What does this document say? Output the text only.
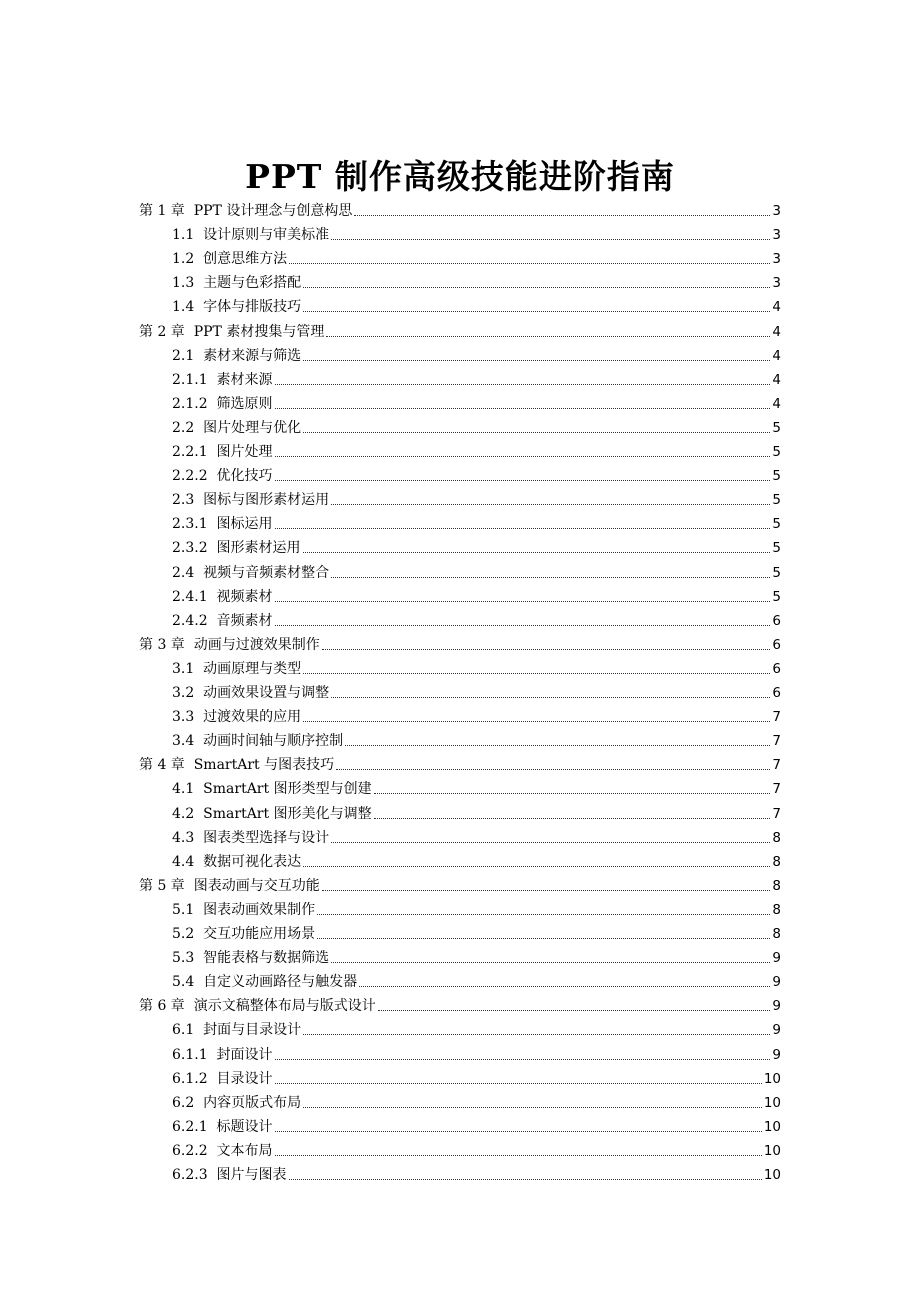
PPT 制作高级技能进阶指南
第 1 章  PPT 设计理念与创意构思	3
1.1  设计原则与审美标准	3
1.2  创意思维方法	3
1.3  主题与色彩搭配	3
1.4  字体与排版技巧	4
第 2 章  PPT 素材搜集与管理	4
2.1  素材来源与筛选	4
2.1.1  素材来源	4
2.1.2  筛选原则	4
2.2  图片处理与优化	5
2.2.1  图片处理	5
2.2.2  优化技巧	5
2.3  图标与图形素材运用	5
2.3.1  图标运用	5
2.3.2  图形素材运用	5
2.4  视频与音频素材整合	5
2.4.1  视频素材	5
2.4.2  音频素材	6
第 3 章  动画与过渡效果制作	6
3.1  动画原理与类型	6
3.2  动画效果设置与调整	6
3.3  过渡效果的应用	7
3.4  动画时间轴与顺序控制	7
第 4 章  SmartArt 与图表技巧	7
4.1  SmartArt 图形类型与创建	7
4.2  SmartArt 图形美化与调整	7
4.3  图表类型选择与设计	8
4.4  数据可视化表达	8
第 5 章  图表动画与交互功能	8
5.1  图表动画效果制作	8
5.2  交互功能应用场景	8
5.3  智能表格与数据筛选	9
5.4  自定义动画路径与触发器	9
第 6 章  演示文稿整体布局与版式设计	9
6.1  封面与目录设计	9
6.1.1  封面设计	9
6.1.2  目录设计	10
6.2  内容页版式布局	10
6.2.1  标题设计	10
6.2.2  文本布局	10
6.2.3  图片与图表	10
